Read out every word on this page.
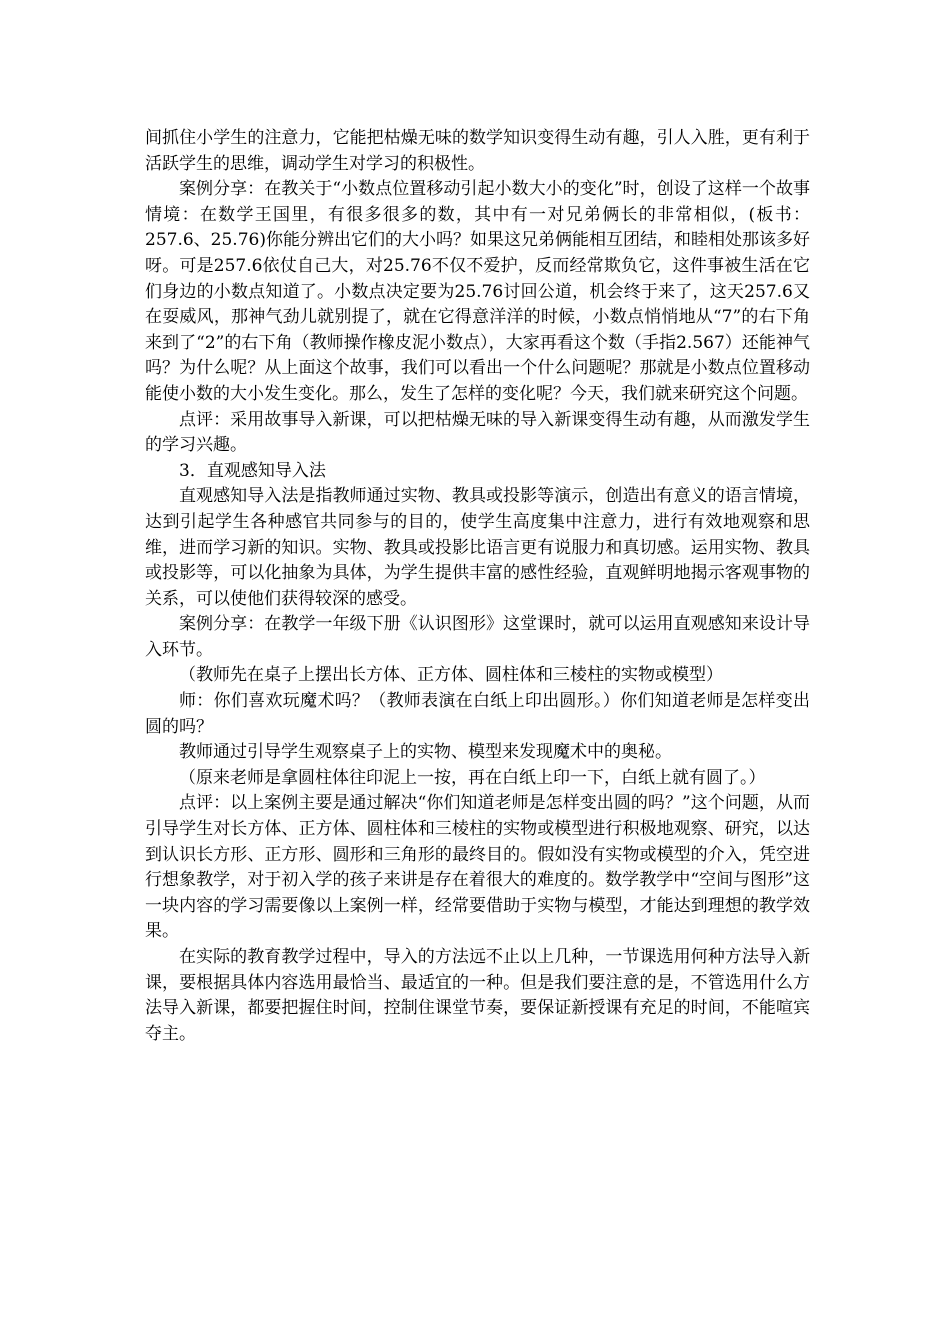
间抓住小学生的注意力，它能把枯燥无味的数学知识变得生动有趣，引人入胜，更有利于活跃学生的思维，调动学生对学习的积极性。

案例分享：在教关于“小数点位置移动引起小数大小的变化”时，创设了这样一个故事情境：在数学王国里，有很多很多的数，其中有一对兄弟俩长的非常相似，(板书：257.6、25.76)你能分辨出它们的大小吗？如果这兄弟俩能相互团结，和睦相处那该多好呀。可是257.6依仗自己大，对25.76不仅不爱护，反而经常欺负它，这件事被生活在它们身边的小数点知道了。小数点决定要为25.76讨回公道，机会终于来了，这天257.6又在耍威风，那神气劲儿就别提了，就在它得意洋洋的时候，小数点悄悄地从“7”的右下角来到了“2”的右下角（教师操作橡皮泥小数点），大家再看这个数（手指2.567）还能神气吗？为什么呢？从上面这个故事，我们可以看出一个什么问题呢？那就是小数点位置移动能使小数的大小发生变化。那么，发生了怎样的变化呢？今天，我们就来研究这个问题。

点评：采用故事导入新课，可以把枯燥无味的导入新课变得生动有趣，从而激发学生的学习兴趣。

3．直观感知导入法

直观感知导入法是指教师通过实物、教具或投影等演示，创造出有意义的语言情境，达到引起学生各种感官共同参与的目的，使学生高度集中注意力，进行有效地观察和思维，进而学习新的知识。实物、教具或投影比语言更有说服力和真切感。运用实物、教具或投影等，可以化抽象为具体，为学生提供丰富的感性经验，直观鲜明地揭示客观事物的关系，可以使他们获得较深的感受。

案例分享：在教学一年级下册《认识图形》这堂课时，就可以运用直观感知来设计导入环节。

（教师先在桌子上摆出长方体、正方体、圆柱体和三棱柱的实物或模型）

师：你们喜欢玩魔术吗？（教师表演在白纸上印出圆形。）你们知道老师是怎样变出圆的吗？

教师通过引导学生观察桌子上的实物、模型来发现魔术中的奥秘。

（原来老师是拿圆柱体往印泥上一按，再在白纸上印一下，白纸上就有圆了。）

点评：以上案例主要是通过解决“你们知道老师是怎样变出圆的吗？”这个问题，从而引导学生对长方体、正方体、圆柱体和三棱柱的实物或模型进行积极地观察、研究，以达到认识长方形、正方形、圆形和三角形的最终目的。假如没有实物或模型的介入，凭空进行想象教学，对于初入学的孩子来讲是存在着很大的难度的。数学教学中“空间与图形”这一块内容的学习需要像以上案例一样，经常要借助于实物与模型，才能达到理想的教学效果。

在实际的教育教学过程中，导入的方法远不止以上几种，一节课选用何种方法导入新课，要根据具体内容选用最恰当、最适宜的一种。但是我们要注意的是，不管选用什么方法导入新课，都要把握住时间，控制住课堂节奏，要保证新授课有充足的时间，不能喧宾夺主。
